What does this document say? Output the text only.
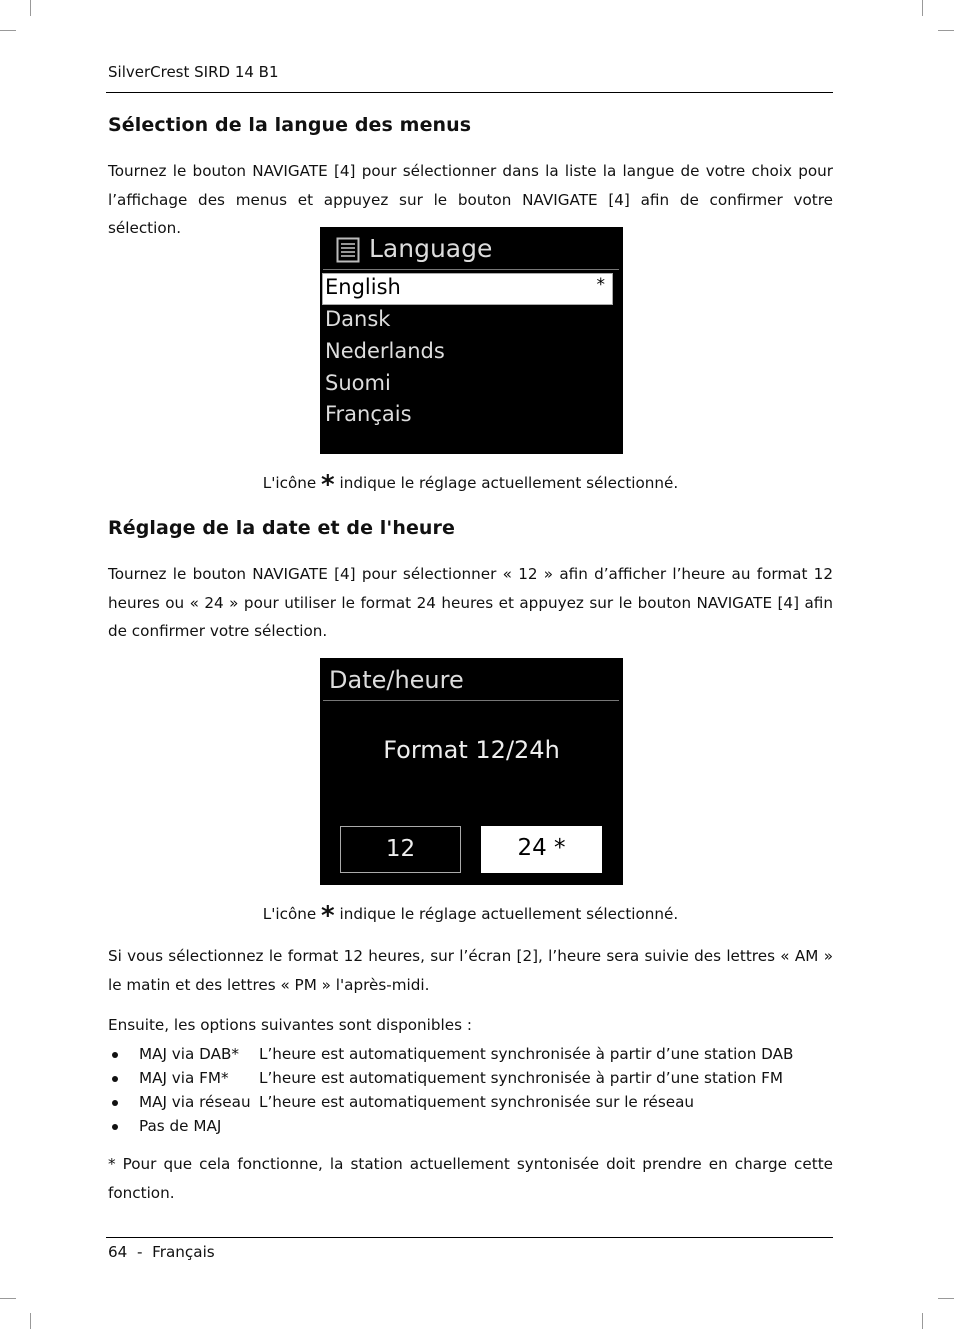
SilverCrest SIRD 14 B1
Sélection de la langue des menus

Tournez le bouton NAVIGATE [4] pour sélectionner dans la liste la langue de votre choix pour l’affichage des menus et appuyez sur le bouton NAVIGATE [4] afin de confirmer votre sélection.

Language
English	*
Dansk
Nederlands
Suomi
Français
L'icône * indique le réglage actuellement sélectionné.
Réglage de la date et de l'heure

Tournez le bouton NAVIGATE [4] pour sélectionner « 12 » afin d’afficher l’heure au format 12 heures ou « 24 » pour utiliser le format 24 heures et appuyez sur le bouton NAVIGATE [4] afin de confirmer votre sélection.

Date/heure
Format 12/24h
12	24 *
L'icône * indique le réglage actuellement sélectionné.

Si vous sélectionnez le format 12 heures, sur l’écran [2], l’heure sera suivie des lettres « AM » le matin et des lettres « PM » l'après-midi.

Ensuite, les options suivantes sont disponibles :

MAJ via DAB* L’heure est automatiquement synchronisée à partir d’une station DAB
MAJ via FM* L’heure est automatiquement synchronisée à partir d’une station FM
MAJ via réseau L’heure est automatiquement synchronisée sur le réseau
Pas de MAJ

* Pour que cela fonctionne, la station actuellement syntonisée doit prendre en charge cette fonction.

64  -  Français
